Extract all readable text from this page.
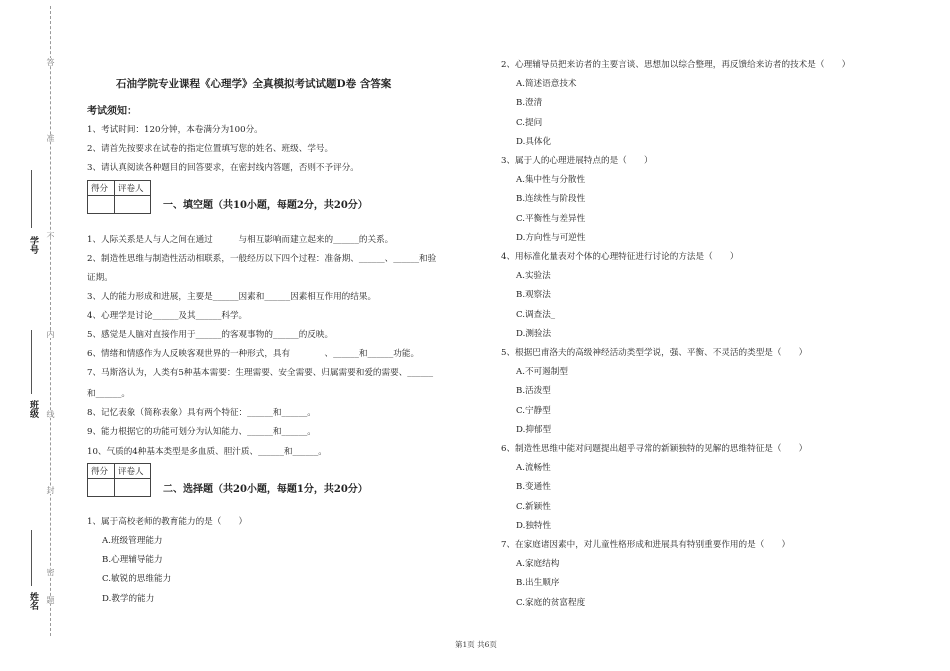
答
准
不
内
线
封
密
题
学号
班级
姓名
石油学院专业课程《心理学》全真模拟考试试题D卷 含答案
考试须知：
1、考试时间：120分钟，本卷满分为100分。
2、请首先按要求在试卷的指定位置填写您的姓名、班级、学号。
3、请认真阅读各种题目的回答要求，在密封线内答题，否则不予评分。
得分 评卷人
一、填空题（共10小题，每题2分，共20分）
1、人际关系是人与人之间在通过　　　与相互影响而建立起来的______的关系。
2、制造性思维与制造性活动相联系，一般经历以下四个过程：准备期、______、______和验
证期。
3、人的能力形成和进展，主要是______因素和______因素相互作用的结果。
4、心理学是讨论______及其______科学。
5、感觉是人脑对直接作用于______的客观事物的______的反映。
6、情绪和情感作为人反映客观世界的一种形式，具有　　　　、______和______功能。
7、马斯洛认为，人类有5种基本需要：生理需要、安全需要、归属需要和爱的需要、______
和______。
8、记忆表象（简称表象）具有两个特征：______和______。
9、能力根据它的功能可划分为认知能力、______和______。
10、气质的4种基本类型是多血质、胆汁质、______和______。
得分 评卷人
二、选择题（共20小题，每题1分，共20分）
1、属于高校老师的教育能力的是（　　）
A.班级管理能力
B.心理辅导能力
C.敏锐的思维能力
D.教学的能力
2、心理辅导员把来访者的主要言谈、思想加以综合整理，再反馈给来访者的技术是（　　）
A.简述语意技术
B.澄清
C.提问
D.具体化
3、属于人的心理进展特点的是（　　）
A.集中性与分散性
B.连续性与阶段性
C.平衡性与差异性
D.方向性与可逆性
4、用标准化量表对个体的心理特征进行讨论的方法是（　　）
A.实验法
B.观察法
C.调查法_
D.测验法
5、根据巴甫洛夫的高级神经活动类型学说，强、平衡、不灵活的类型是（　　）
A.不可遏制型
B.活泼型
C.宁静型
D.抑郁型
6、制造性思维中能对问题提出超乎寻常的新颖独特的见解的思维特征是（　　）
A.流畅性
B.变通性
C.新颖性
D.独特性
7、在家庭诸因素中，对儿童性格形成和进展具有特别重要作用的是（　　）
A.家庭结构
B.出生顺序
C.家庭的贫富程度
第1页 共6页
